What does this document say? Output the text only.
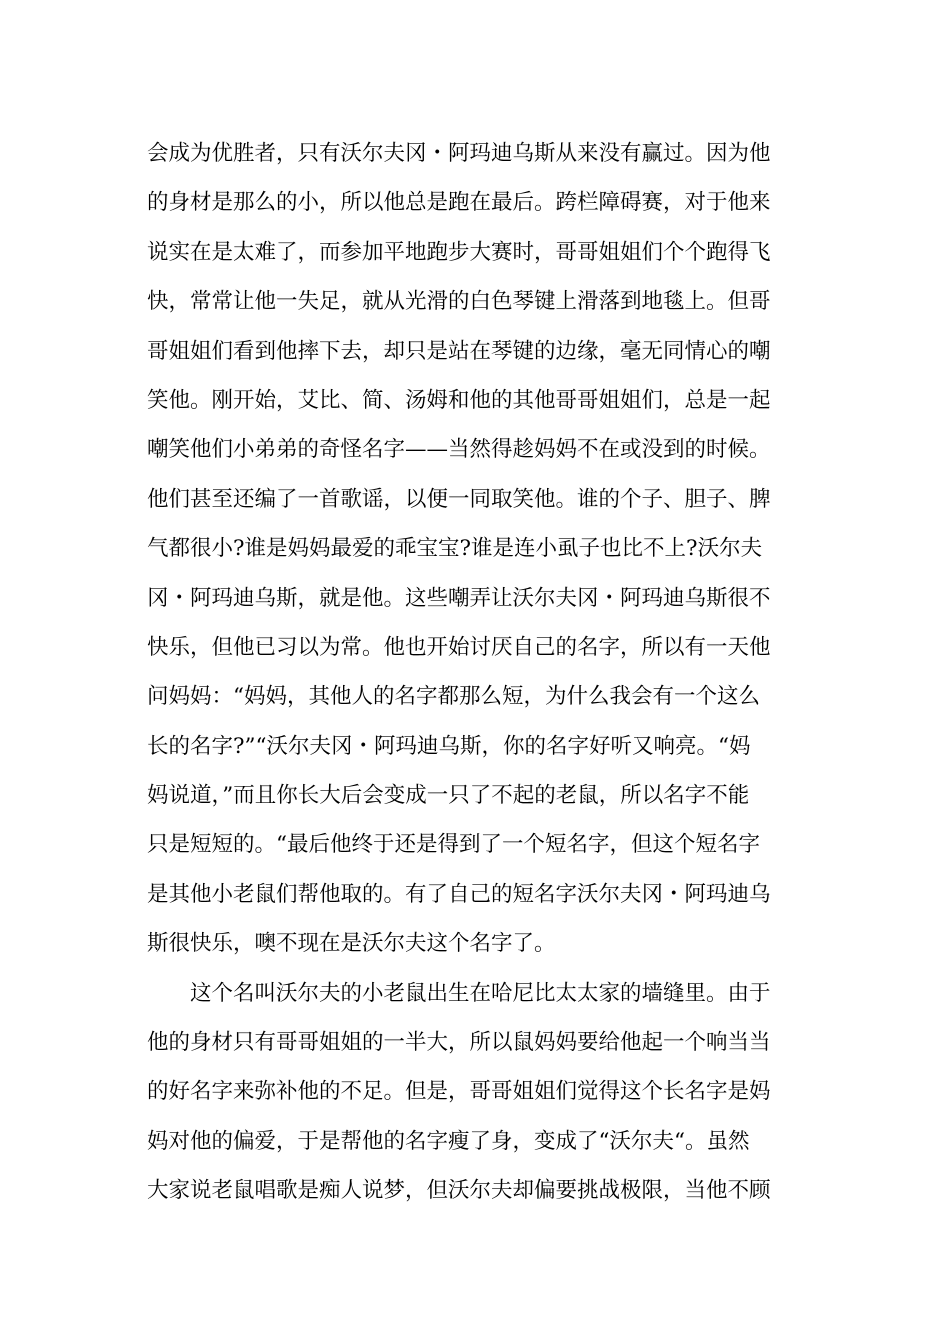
会成为优胜者，只有沃尔夫冈・阿玛迪乌斯从来没有赢过。因为他
的身材是那么的小，所以他总是跑在最后。跨栏障碍赛，对于他来
说实在是太难了，而参加平地跑步大赛时，哥哥姐姐们个个跑得飞
快，常常让他一失足，就从光滑的白色琴键上滑落到地毯上。但哥
哥姐姐们看到他摔下去，却只是站在琴键的边缘，毫无同情心的嘲
笑他。刚开始，艾比、简、汤姆和他的其他哥哥姐姐们，总是一起
嘲笑他们小弟弟的奇怪名字——当然得趁妈妈不在或没到的时候。
他们甚至还编了一首歌谣，以便一同取笑他。谁的个子、胆子、脾
气都很小?谁是妈妈最爱的乖宝宝?谁是连小虱子也比不上?沃尔夫
冈・阿玛迪乌斯，就是他。这些嘲弄让沃尔夫冈・阿玛迪乌斯很不
快乐，但他已习以为常。他也开始讨厌自己的名字，所以有一天他
问妈妈：“妈妈，其他人的名字都那么短，为什么我会有一个这么
长的名字?”“沃尔夫冈・阿玛迪乌斯，你的名字好听又响亮。“妈
妈说道，”而且你长大后会变成一只了不起的老鼠，所以名字不能
只是短短的。“最后他终于还是得到了一个短名字，但这个短名字
是其他小老鼠们帮他取的。有了自己的短名字沃尔夫冈・阿玛迪乌
斯很快乐，噢不现在是沃尔夫这个名字了。
这个名叫沃尔夫的小老鼠出生在哈尼比太太家的墙缝里。由于
他的身材只有哥哥姐姐的一半大，所以鼠妈妈要给他起一个响当当
的好名字来弥补他的不足。但是，哥哥姐姐们觉得这个长名字是妈
妈对他的偏爱，于是帮他的名字瘦了身，变成了“沃尔夫“。虽然
大家说老鼠唱歌是痴人说梦，但沃尔夫却偏要挑战极限，当他不顾
